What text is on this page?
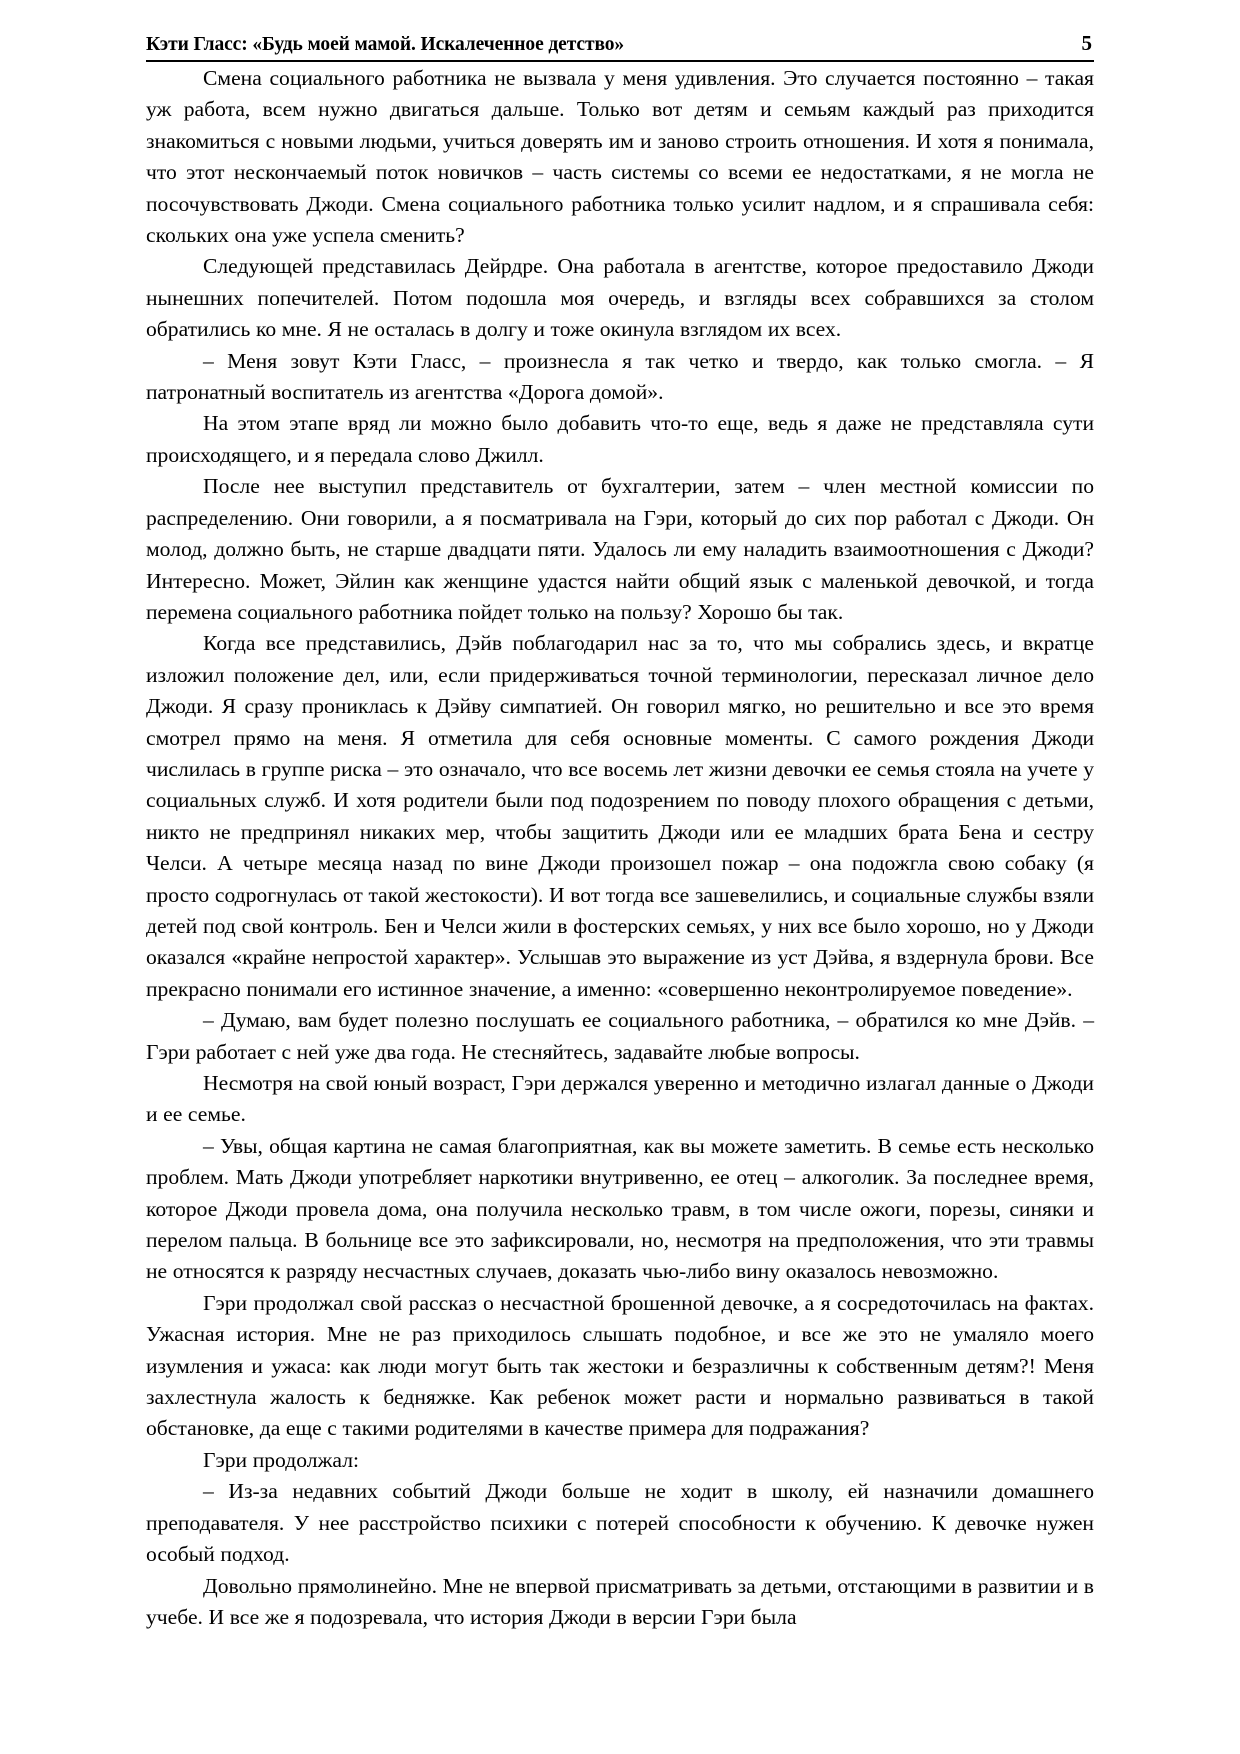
Кэти Гласс: «Будь моей мамой. Искалеченное детство»	5

Смена социального работника не вызвала у меня удивления. Это случается постоянно – такая уж работа, всем нужно двигаться дальше. Только вот детям и семьям каждый раз приходится знакомиться с новыми людьми, учиться доверять им и заново строить отношения. И хотя я понимала, что этот нескончаемый поток новичков – часть системы со всеми ее недостатками, я не могла не посочувствовать Джоди. Смена социального работника только усилит надлом, и я спрашивала себя: скольких она уже успела сменить?

Следующей представилась Дейрдре. Она работала в агентстве, которое предоставило Джоди нынешних попечителей. Потом подошла моя очередь, и взгляды всех собравшихся за столом обратились ко мне. Я не осталась в долгу и тоже окинула взглядом их всех.

– Меня зовут Кэти Гласс, – произнесла я так четко и твердо, как только смогла. – Я патронатный воспитатель из агентства «Дорога домой».

На этом этапе вряд ли можно было добавить что-то еще, ведь я даже не представляла сути происходящего, и я передала слово Джилл.

После нее выступил представитель от бухгалтерии, затем – член местной комиссии по распределению. Они говорили, а я посматривала на Гэри, который до сих пор работал с Джоди. Он молод, должно быть, не старше двадцати пяти. Удалось ли ему наладить взаимоотношения с Джоди? Интересно. Может, Эйлин как женщине удастся найти общий язык с маленькой девочкой, и тогда перемена социального работника пойдет только на пользу? Хорошо бы так.

Когда все представились, Дэйв поблагодарил нас за то, что мы собрались здесь, и вкратце изложил положение дел, или, если придерживаться точной терминологии, пересказал личное дело Джоди. Я сразу прониклась к Дэйву симпатией. Он говорил мягко, но решительно и все это время смотрел прямо на меня. Я отметила для себя основные моменты. С самого рождения Джоди числилась в группе риска – это означало, что все восемь лет жизни девочки ее семья стояла на учете у социальных служб. И хотя родители были под подозрением по поводу плохого обращения с детьми, никто не предпринял никаких мер, чтобы защитить Джоди или ее младших брата Бена и сестру Челси. А четыре месяца назад по вине Джоди произошел пожар – она подожгла свою собаку (я просто содрогнулась от такой жестокости). И вот тогда все зашевелились, и социальные службы взяли детей под свой контроль. Бен и Челси жили в фостерских семьях, у них все было хорошо, но у Джоди оказался «крайне непростой характер». Услышав это выражение из уст Дэйва, я вздернула брови. Все прекрасно понимали его истинное значение, а именно: «совершенно неконтролируемое поведение».

– Думаю, вам будет полезно послушать ее социального работника, – обратился ко мне Дэйв. – Гэри работает с ней уже два года. Не стесняйтесь, задавайте любые вопросы.

Несмотря на свой юный возраст, Гэри держался уверенно и методично излагал данные о Джоди и ее семье.

– Увы, общая картина не самая благоприятная, как вы можете заметить. В семье есть несколько проблем. Мать Джоди употребляет наркотики внутривенно, ее отец – алкоголик. За последнее время, которое Джоди провела дома, она получила несколько травм, в том числе ожоги, порезы, синяки и перелом пальца. В больнице все это зафиксировали, но, несмотря на предположения, что эти травмы не относятся к разряду несчастных случаев, доказать чью-либо вину оказалось невозможно.

Гэри продолжал свой рассказ о несчастной брошенной девочке, а я сосредоточилась на фактах. Ужасная история. Мне не раз приходилось слышать подобное, и все же это не умаляло моего изумления и ужаса: как люди могут быть так жестоки и безразличны к собственным детям?! Меня захлестнула жалость к бедняжке. Как ребенок может расти и нормально развиваться в такой обстановке, да еще с такими родителями в качестве примера для подражания?

Гэри продолжал:

– Из-за недавних событий Джоди больше не ходит в школу, ей назначили домашнего преподавателя. У нее расстройство психики с потерей способности к обучению. К девочке нужен особый подход.

Довольно прямолинейно. Мне не впервой присматривать за детьми, отстающими в развитии и в учебе. И все же я подозревала, что история Джоди в версии Гэри была
